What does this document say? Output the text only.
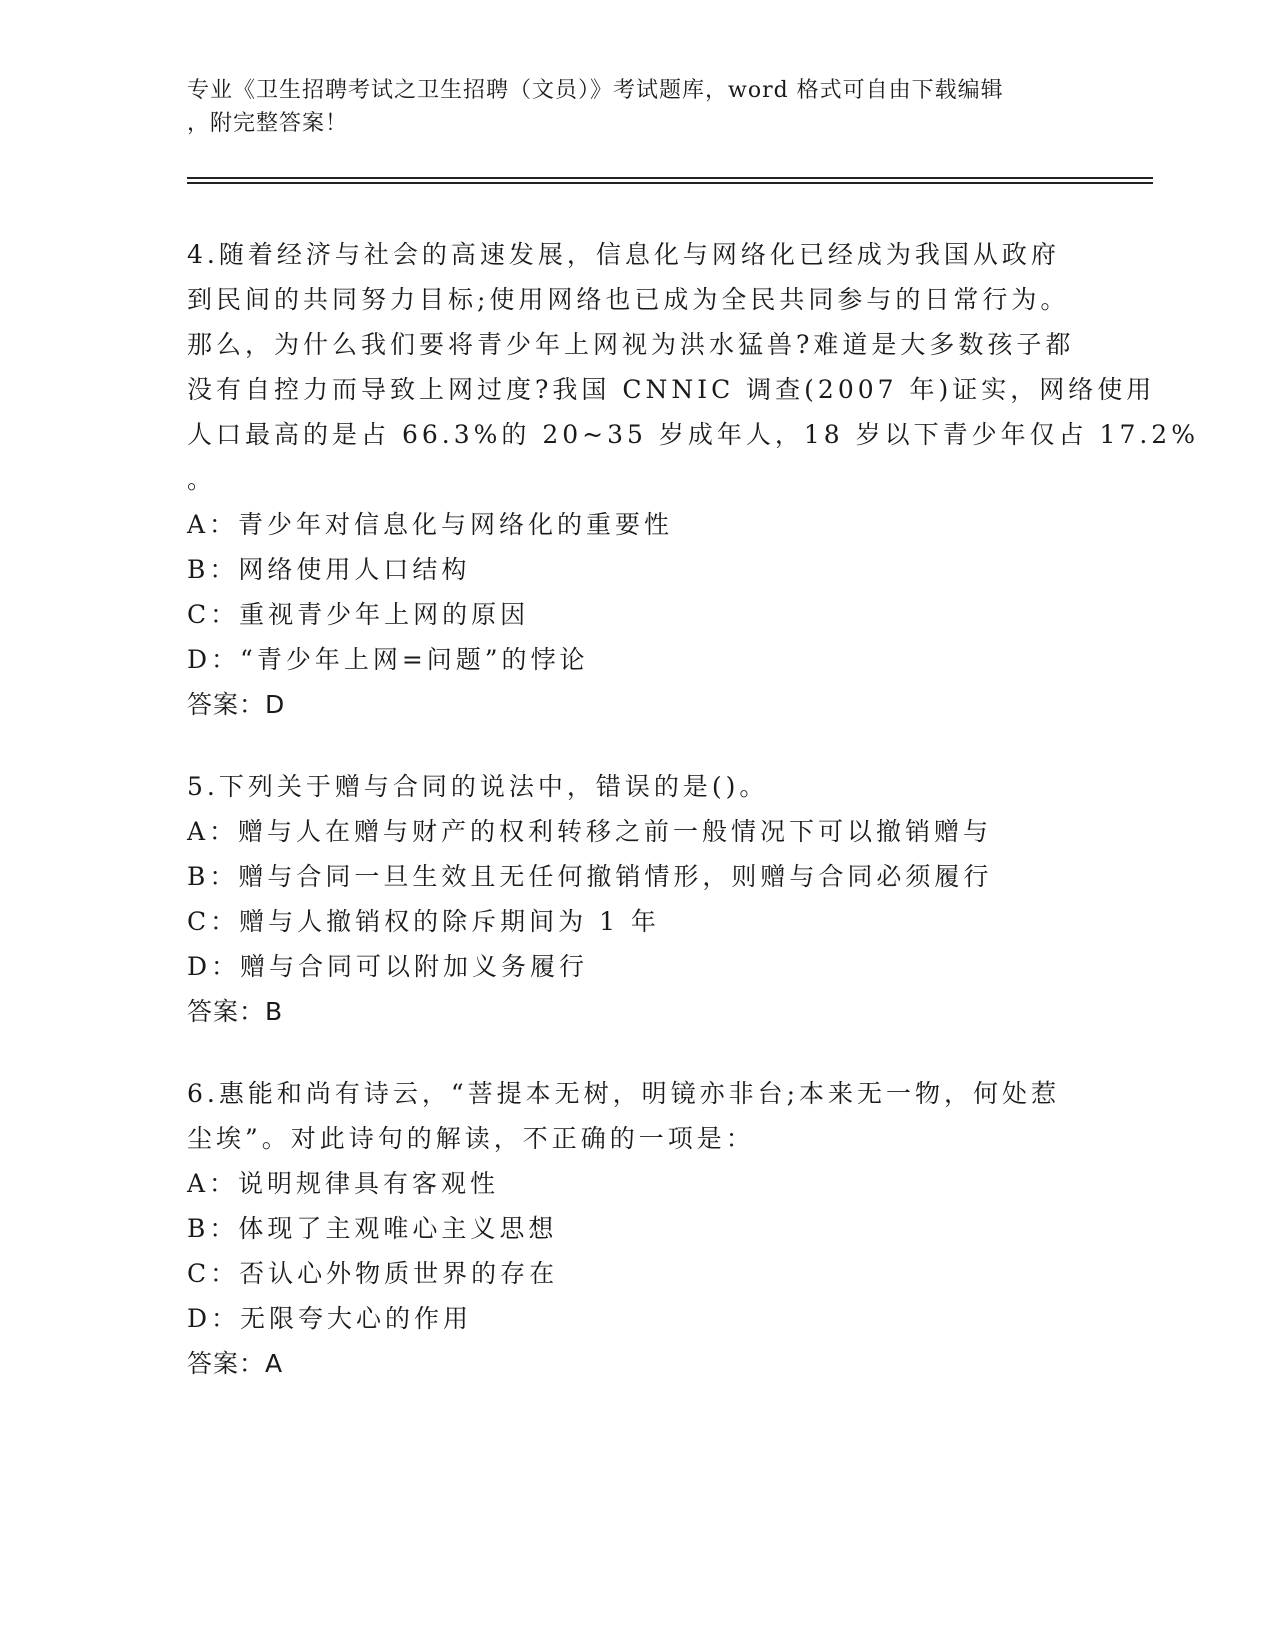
专业《卫生招聘考试之卫生招聘（文员）》考试题库，word 格式可自由下载编辑
，附完整答案！
4.随着经济与社会的高速发展，信息化与网络化已经成为我国从政府
到民间的共同努力目标;使用网络也已成为全民共同参与的日常行为。
那么，为什么我们要将青少年上网视为洪水猛兽?难道是大多数孩子都
没有自控力而导致上网过度?我国 CNNIC 调查(2007 年)证实，网络使用
人口最高的是占 66.3%的 20~35 岁成年人，18 岁以下青少年仅占 17.2%
。
A：青少年对信息化与网络化的重要性
B：网络使用人口结构
C：重视青少年上网的原因
D：“青少年上网=问题”的悖论
答案：D
5.下列关于赠与合同的说法中，错误的是()。
A：赠与人在赠与财产的权利转移之前一般情况下可以撤销赠与
B：赠与合同一旦生效且无任何撤销情形，则赠与合同必须履行
C：赠与人撤销权的除斥期间为 1 年
D：赠与合同可以附加义务履行
答案：B
6.惠能和尚有诗云，“菩提本无树，明镜亦非台;本来无一物，何处惹
尘埃”。对此诗句的解读，不正确的一项是：
A：说明规律具有客观性
B：体现了主观唯心主义思想
C：否认心外物质世界的存在
D：无限夸大心的作用
答案：A
